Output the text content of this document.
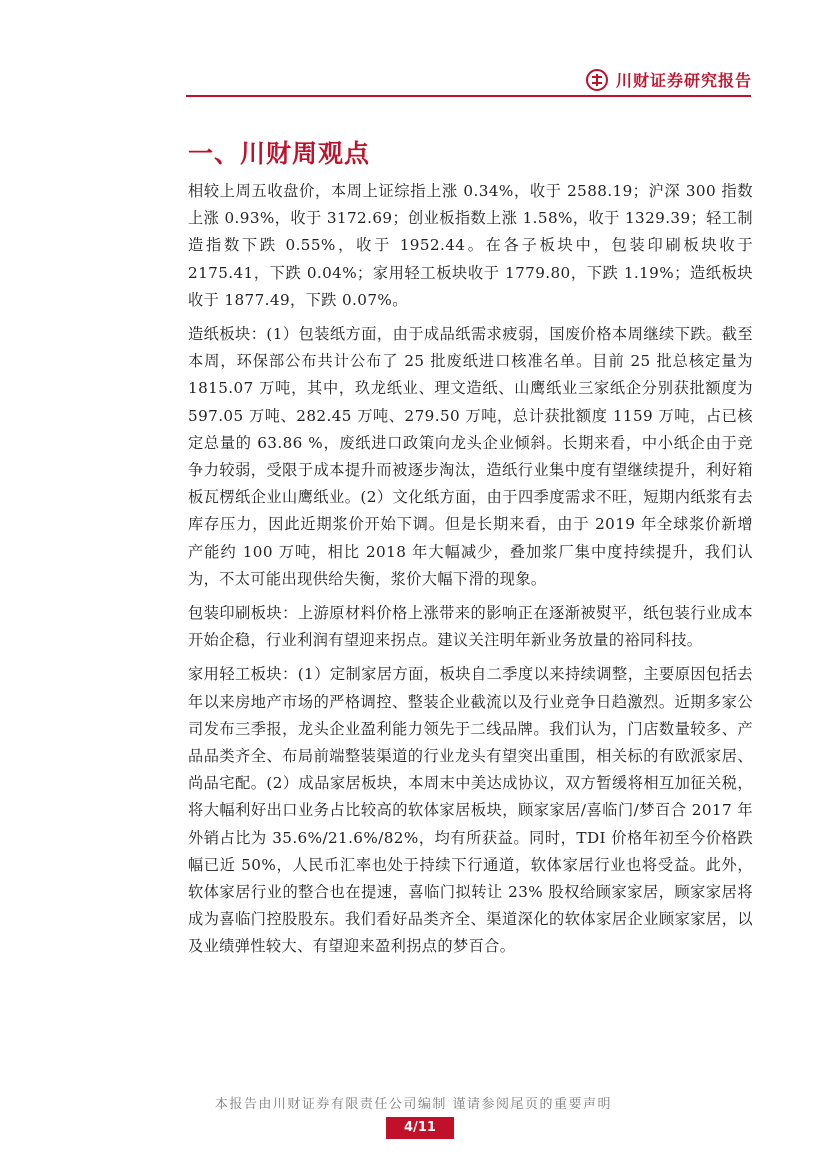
川财证券研究报告
一、川财周观点

相较上周五收盘价，本周上证综指上涨 0.34%，收于 2588.19；沪深 300 指数上涨 0.93%，收于 3172.69；创业板指数上涨 1.58%，收于 1329.39；轻工制造指数下跌 0.55%，收于 1952.44。在各子板块中，包装印刷板块收于 2175.41，下跌 0.04%；家用轻工板块收于 1779.80，下跌 1.19%；造纸板块收于 1877.49，下跌 0.07%。

造纸板块：(1）包装纸方面，由于成品纸需求疲弱，国废价格本周继续下跌。截至本周，环保部公布共计公布了 25 批废纸进口核准名单。目前 25 批总核定量为 1815.07 万吨，其中，玖龙纸业、理文造纸、山鹰纸业三家纸企分别获批额度为 597.05 万吨、282.45 万吨、279.50 万吨，总计获批额度 1159 万吨，占已核定总量的 63.86 %，废纸进口政策向龙头企业倾斜。长期来看，中小纸企由于竞争力较弱，受限于成本提升而被逐步淘汰，造纸行业集中度有望继续提升，利好箱板瓦楞纸企业山鹰纸业。(2）文化纸方面，由于四季度需求不旺，短期内纸浆有去库存压力，因此近期浆价开始下调。但是长期来看，由于 2019 年全球浆价新增产能约 100 万吨，相比 2018 年大幅减少，叠加浆厂集中度持续提升，我们认为，不太可能出现供给失衡，浆价大幅下滑的现象。

包装印刷板块：上游原材料价格上涨带来的影响正在逐渐被熨平，纸包装行业成本开始企稳，行业利润有望迎来拐点。建议关注明年新业务放量的裕同科技。

家用轻工板块：(1）定制家居方面，板块自二季度以来持续调整，主要原因包括去年以来房地产市场的严格调控、整装企业截流以及行业竞争日趋激烈。近期多家公司发布三季报，龙头企业盈利能力领先于二线品牌。我们认为，门店数量较多、产品品类齐全、布局前端整装渠道的行业龙头有望突出重围，相关标的有欧派家居、尚品宅配。(2）成品家居板块，本周末中美达成协议，双方暂缓将相互加征关税，将大幅利好出口业务占比较高的软体家居板块，顾家家居/喜临门/梦百合 2017 年外销占比为 35.6%/21.6%/82%，均有所获益。同时，TDI 价格年初至今价格跌幅已近 50%，人民币汇率也处于持续下行通道，软体家居行业也将受益。此外，软体家居行业的整合也在提速，喜临门拟转让 23% 股权给顾家家居，顾家家居将成为喜临门控股股东。我们看好品类齐全、渠道深化的软体家居企业顾家家居，以及业绩弹性较大、有望迎来盈利拐点的梦百合。

本报告由川财证券有限责任公司编制 谨请参阅尾页的重要声明
4/11
